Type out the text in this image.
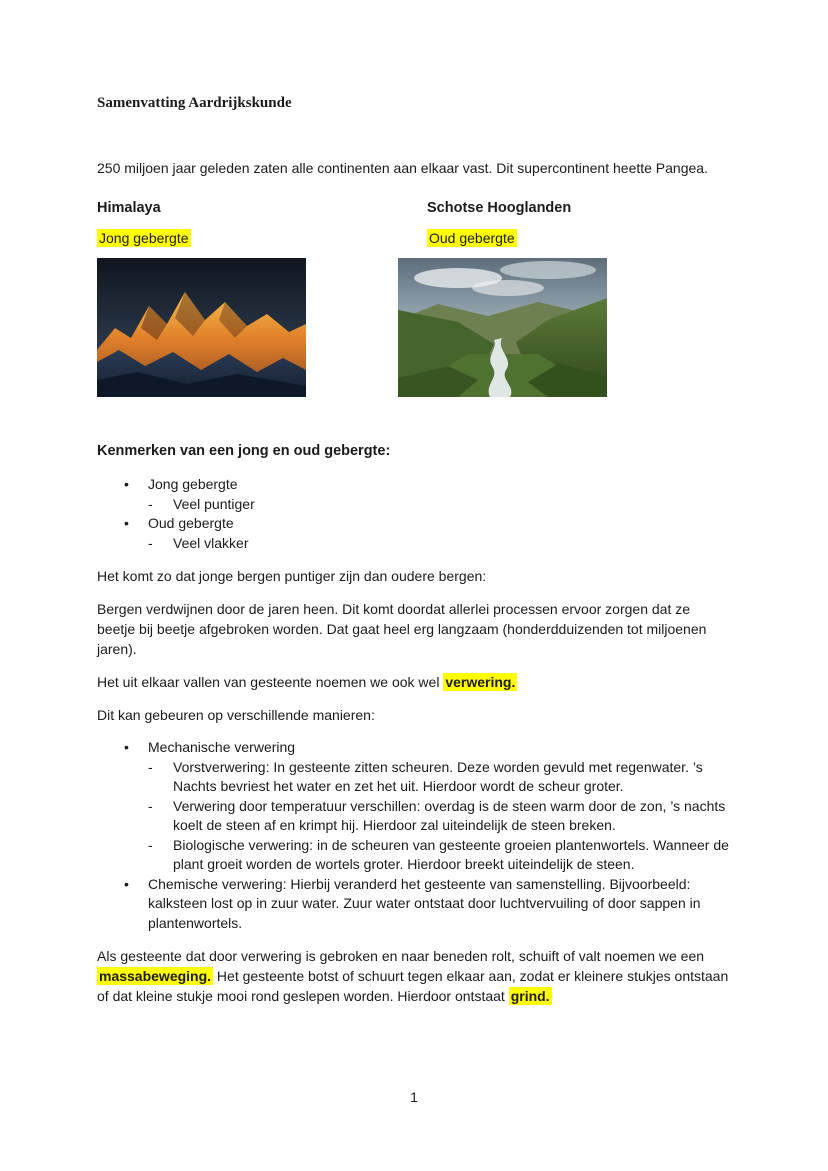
Samenvatting Aardrijkskunde

250 miljoen jaar geleden zaten alle continenten aan elkaar vast. Dit supercontinent heette Pangea.

Himalaya

Jong gebergte

Schotse Hooglanden

Oud gebergte

Kenmerken van een jong en oud gebergte:
•	Jong gebergte
-	Veel puntiger
•	Oud gebergte
-	Veel vlakker

Het komt zo dat jonge bergen puntiger zijn dan oudere bergen:

Bergen verdwijnen door de jaren heen. Dit komt doordat allerlei processen ervoor zorgen dat ze beetje bij beetje afgebroken worden. Dat gaat heel erg langzaam (honderdduizenden tot miljoenen jaren).

Het uit elkaar vallen van gesteente noemen we ook wel verwering.

Dit kan gebeuren op verschillende manieren:

•	Mechanische verwering
-	Vorstverwering: In gesteente zitten scheuren. Deze worden gevuld met regenwater. ’s Nachts bevriest het water en zet het uit. Hierdoor wordt de scheur groter.
-	Verwering door temperatuur verschillen: overdag is de steen warm door de zon, ’s nachts koelt de steen af en krimpt hij. Hierdoor zal uiteindelijk de steen breken.
-	Biologische verwering: in de scheuren van gesteente groeien plantenwortels. Wanneer de plant groeit worden de wortels groter. Hierdoor breekt uiteindelijk de steen.
•	Chemische verwering: Hierbij veranderd het gesteente van samenstelling. Bijvoorbeeld: kalksteen lost op in zuur water. Zuur water ontstaat door luchtvervuiling of door sappen in plantenwortels.

Als gesteente dat door verwering is gebroken en naar beneden rolt, schuift of valt noemen we een massabeweging. Het gesteente botst of schuurt tegen elkaar aan, zodat er kleinere stukjes ontstaan of dat kleine stukje mooi rond geslepen worden. Hierdoor ontstaat grind.

1
